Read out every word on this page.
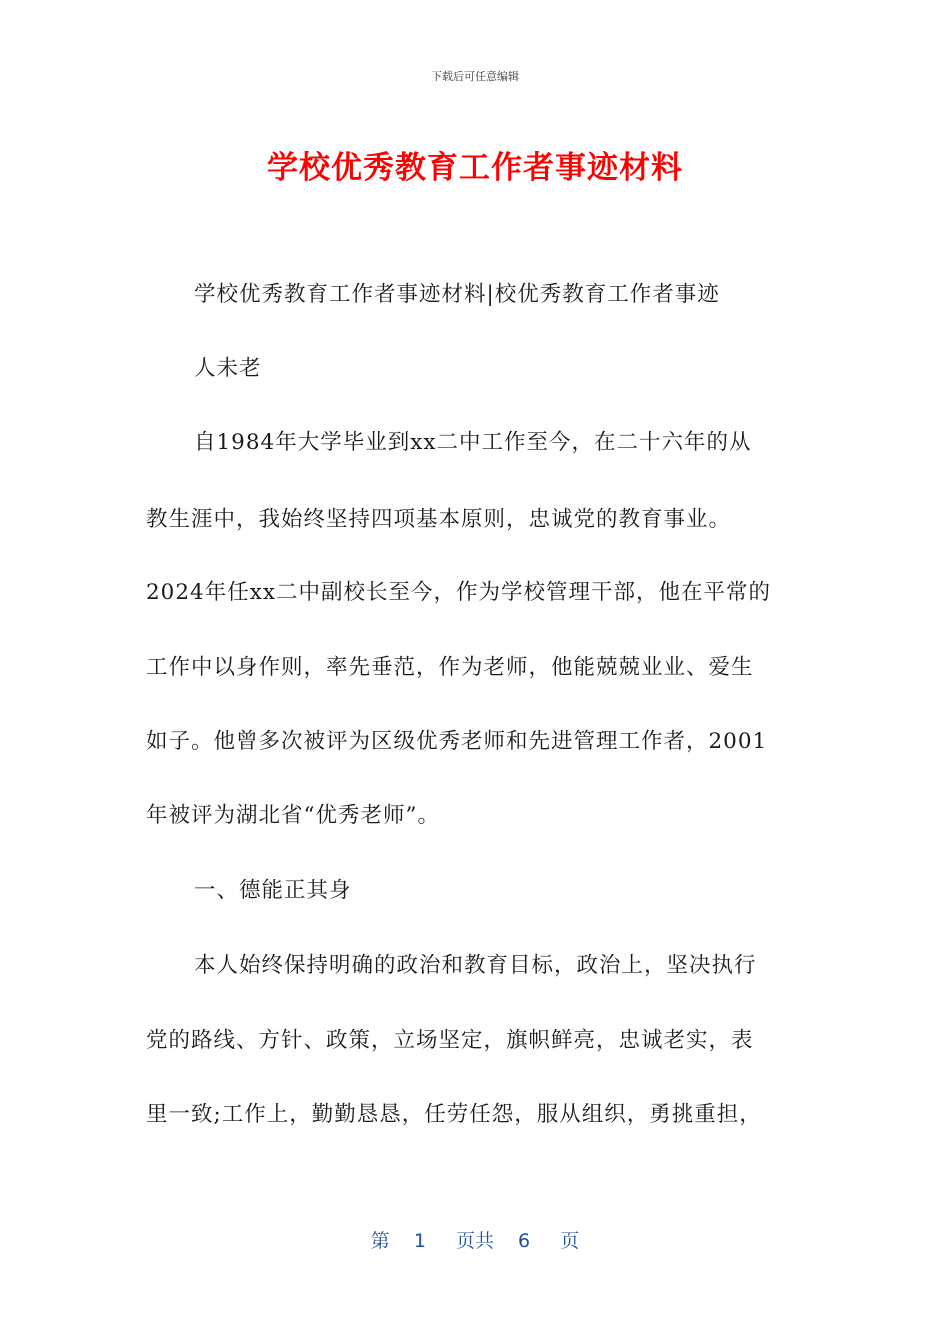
下载后可任意编辑
学校优秀教育工作者事迹材料
学校优秀教育工作者事迹材料|校优秀教育工作者事迹
人未老
自1984年大学毕业到xx二中工作至今，在二十六年的从
教生涯中，我始终坚持四项基本原则，忠诚党的教育事业。
2024年任xx二中副校长至今，作为学校管理干部，他在平常的
工作中以身作则，率先垂范，作为老师，他能兢兢业业、爱生
如子。他曾多次被评为区级优秀老师和先进管理工作者，2001
年被评为湖北省“优秀老师”。
一、德能正其身
本人始终保持明确的政治和教育目标，政治上，坚决执行
党的路线、方针、政策，立场坚定，旗帜鲜亮，忠诚老实，表
里一致;工作上，勤勤恳恳，任劳任怨，服从组织，勇挑重担，
第 1 页共 6 页
